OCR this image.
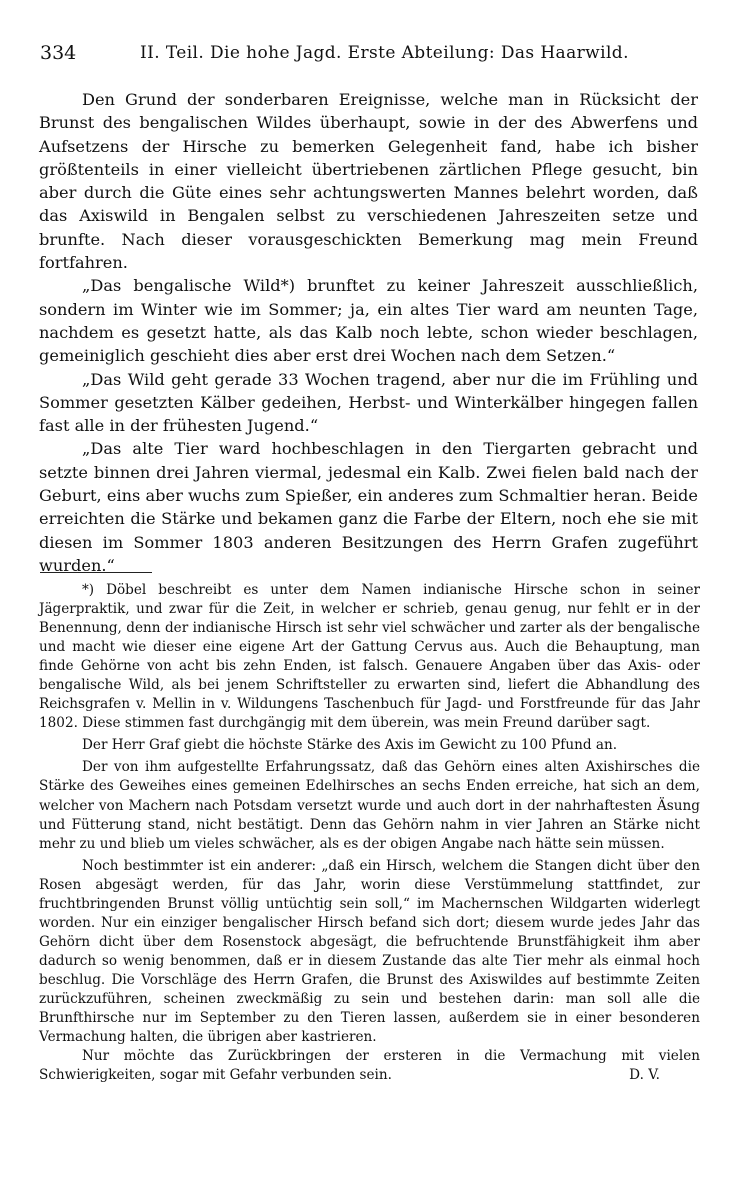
334	II. Teil. Die hohe Jagd. Erste Abteilung: Das Haarwild.

Den Grund der sonderbaren Ereignisse, welche man in Rücksicht der Brunst des bengalischen Wildes überhaupt, sowie in der des Abwerfens und Aufsetzens der Hirsche zu bemerken Gelegenheit fand, habe ich bisher größtenteils in einer vielleicht übertriebenen zärtlichen Pflege gesucht, bin aber durch die Güte eines sehr achtungswerten Mannes belehrt worden, daß das Axiswild in Bengalen selbst zu verschiedenen Jahreszeiten setze und brunfte. Nach dieser vorausgeschickten Bemerkung mag mein Freund fortfahren.

„Das bengalische Wild*) brunftet zu keiner Jahreszeit ausschließlich, sondern im Winter wie im Sommer; ja, ein altes Tier ward am neunten Tage, nachdem es gesetzt hatte, als das Kalb noch lebte, schon wieder beschlagen, gemeiniglich geschieht dies aber erst drei Wochen nach dem Setzen.“

„Das Wild geht gerade 33 Wochen tragend, aber nur die im Frühling und Sommer gesetzten Kälber gedeihen, Herbst- und Winterkälber hingegen fallen fast alle in der frühesten Jugend.“

„Das alte Tier ward hochbeschlagen in den Tiergarten gebracht und setzte binnen drei Jahren viermal, jedesmal ein Kalb. Zwei fielen bald nach der Geburt, eins aber wuchs zum Spießer, ein anderes zum Schmaltier heran. Beide erreichten die Stärke und bekamen ganz die Farbe der Eltern, noch ehe sie mit diesen im Sommer 1803 anderen Besitzungen des Herrn Grafen zugeführt wurden.“

*) Döbel beschreibt es unter dem Namen indianische Hirsche schon in seiner Jägerpraktik, und zwar für die Zeit, in welcher er schrieb, genau genug, nur fehlt er in der Benennung, denn der indianische Hirsch ist sehr viel schwächer und zarter als der bengalische und macht wie dieser eine eigene Art der Gattung Cervus aus. Auch die Behauptung, man finde Gehörne von acht bis zehn Enden, ist falsch. Genauere Angaben über das Axis- oder bengalische Wild, als bei jenem Schriftsteller zu erwarten sind, liefert die Abhandlung des Reichsgrafen v. Mellin in v. Wildungens Taschenbuch für Jagd- und Forstfreunde für das Jahr 1802. Diese stimmen fast durchgängig mit dem überein, was mein Freund darüber sagt.

Der Herr Graf giebt die höchste Stärke des Axis im Gewicht zu 100 Pfund an.

Der von ihm aufgestellte Erfahrungssatz, daß das Gehörn eines alten Axishirsches die Stärke des Geweihes eines gemeinen Edelhirsches an sechs Enden erreiche, hat sich an dem, welcher von Machern nach Potsdam versetzt wurde und auch dort in der nahrhaftesten Äsung und Fütterung stand, nicht bestätigt. Denn das Gehörn nahm in vier Jahren an Stärke nicht mehr zu und blieb um vieles schwächer, als es der obigen Angabe nach hätte sein müssen.

Noch bestimmter ist ein anderer: „daß ein Hirsch, welchem die Stangen dicht über den Rosen abgesägt werden, für das Jahr, worin diese Verstümmelung stattfindet, zur fruchtbringenden Brunst völlig untüchtig sein soll,“ im Machernschen Wildgarten widerlegt worden. Nur ein einziger bengalischer Hirsch befand sich dort; diesem wurde jedes Jahr das Gehörn dicht über dem Rosenstock abgesägt, die befruchtende Brunstfähigkeit ihm aber dadurch so wenig benommen, daß er in diesem Zustande das alte Tier mehr als einmal hoch beschlug. Die Vorschläge des Herrn Grafen, die Brunst des Axiswildes auf bestimmte Zeiten zurückzuführen, scheinen zweckmäßig zu sein und bestehen darin: man soll alle die Brunfthirsche nur im September zu den Tieren lassen, außerdem sie in einer besonderen Vermachung halten, die übrigen aber kastrieren.

Nur möchte das Zurückbringen der ersteren in die Vermachung mit vielen Schwierigkeiten, sogar mit Gefahr verbunden sein.	D. V.
